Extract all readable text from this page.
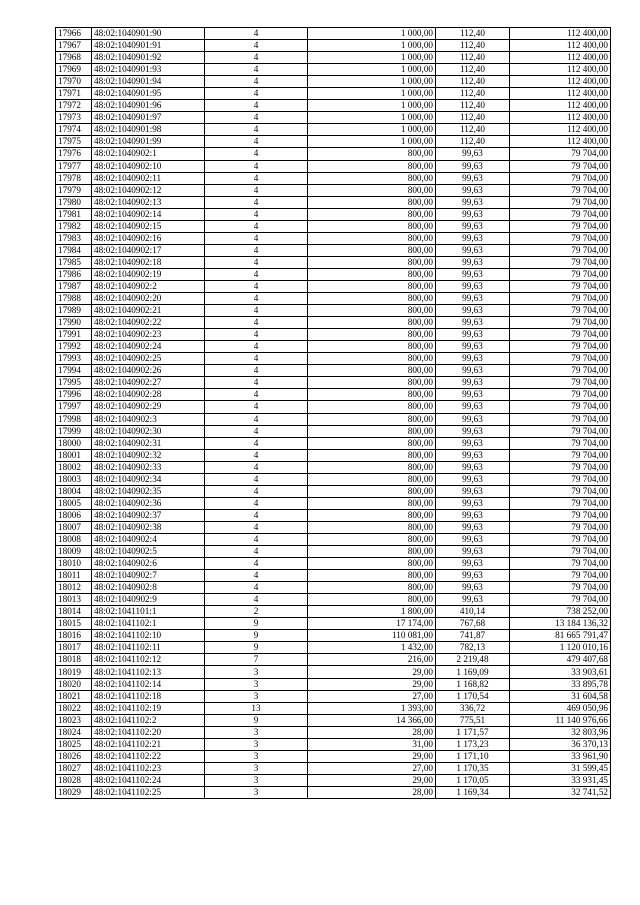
17966	48:02:1040901:90	4	1 000,00	112,40	112 400,00
17967	48:02:1040901:91	4	1 000,00	112,40	112 400,00
17968	48:02:1040901:92	4	1 000,00	112,40	112 400,00
17969	48:02:1040901:93	4	1 000,00	112,40	112 400,00
17970	48:02:1040901:94	4	1 000,00	112,40	112 400,00
17971	48:02:1040901:95	4	1 000,00	112,40	112 400,00
17972	48:02:1040901:96	4	1 000,00	112,40	112 400,00
17973	48:02:1040901:97	4	1 000,00	112,40	112 400,00
17974	48:02:1040901:98	4	1 000,00	112,40	112 400,00
17975	48:02:1040901:99	4	1 000,00	112,40	112 400,00
17976	48:02:1040902:1	4	800,00	99,63	79 704,00
17977	48:02:1040902:10	4	800,00	99,63	79 704,00
17978	48:02:1040902:11	4	800,00	99,63	79 704,00
17979	48:02:1040902:12	4	800,00	99,63	79 704,00
17980	48:02:1040902:13	4	800,00	99,63	79 704,00
17981	48:02:1040902:14	4	800,00	99,63	79 704,00
17982	48:02:1040902:15	4	800,00	99,63	79 704,00
17983	48:02:1040902:16	4	800,00	99,63	79 704,00
17984	48:02:1040902:17	4	800,00	99,63	79 704,00
17985	48:02:1040902:18	4	800,00	99,63	79 704,00
17986	48:02:1040902:19	4	800,00	99,63	79 704,00
17987	48:02:1040902:2	4	800,00	99,63	79 704,00
17988	48:02:1040902:20	4	800,00	99,63	79 704,00
17989	48:02:1040902:21	4	800,00	99,63	79 704,00
17990	48:02:1040902:22	4	800,00	99,63	79 704,00
17991	48:02:1040902:23	4	800,00	99,63	79 704,00
17992	48:02:1040902:24	4	800,00	99,63	79 704,00
17993	48:02:1040902:25	4	800,00	99,63	79 704,00
17994	48:02:1040902:26	4	800,00	99,63	79 704,00
17995	48:02:1040902:27	4	800,00	99,63	79 704,00
17996	48:02:1040902:28	4	800,00	99,63	79 704,00
17997	48:02:1040902:29	4	800,00	99,63	79 704,00
17998	48:02:1040902:3	4	800,00	99,63	79 704,00
17999	48:02:1040902:30	4	800,00	99,63	79 704,00
18000	48:02:1040902:31	4	800,00	99,63	79 704,00
18001	48:02:1040902:32	4	800,00	99,63	79 704,00
18002	48:02:1040902:33	4	800,00	99,63	79 704,00
18003	48:02:1040902:34	4	800,00	99,63	79 704,00
18004	48:02:1040902:35	4	800,00	99,63	79 704,00
18005	48:02:1040902:36	4	800,00	99,63	79 704,00
18006	48:02:1040902:37	4	800,00	99,63	79 704,00
18007	48:02:1040902:38	4	800,00	99,63	79 704,00
18008	48:02:1040902:4	4	800,00	99,63	79 704,00
18009	48:02:1040902:5	4	800,00	99,63	79 704,00
18010	48:02:1040902:6	4	800,00	99,63	79 704,00
18011	48:02:1040902:7	4	800,00	99,63	79 704,00
18012	48:02:1040902:8	4	800,00	99,63	79 704,00
18013	48:02:1040902:9	4	800,00	99,63	79 704,00
18014	48:02:1041101:1	2	1 800,00	410,14	738 252,00
18015	48:02:1041102:1	9	17 174,00	767,68	13 184 136,32
18016	48:02:1041102:10	9	110 081,00	741,87	81 665 791,47
18017	48:02:1041102:11	9	1 432,00	782,13	1 120 010,16
18018	48:02:1041102:12	7	216,00	2 219,48	479 407,68
18019	48:02:1041102:13	3	29,00	1 169,09	33 903,61
18020	48:02:1041102:14	3	29,00	1 168,82	33 895,78
18021	48:02:1041102:18	3	27,00	1 170,54	31 604,58
18022	48:02:1041102:19	13	1 393,00	336,72	469 050,96
18023	48:02:1041102:2	9	14 366,00	775,51	11 140 976,66
18024	48:02:1041102:20	3	28,00	1 171,57	32 803,96
18025	48:02:1041102:21	3	31,00	1 173,23	36 370,13
18026	48:02:1041102:22	3	29,00	1 171,10	33 961,90
18027	48:02:1041102:23	3	27,00	1 170,35	31 599,45
18028	48:02:1041102:24	3	29,00	1 170,05	33 931,45
18029	48:02:1041102:25	3	28,00	1 169,34	32 741,52
